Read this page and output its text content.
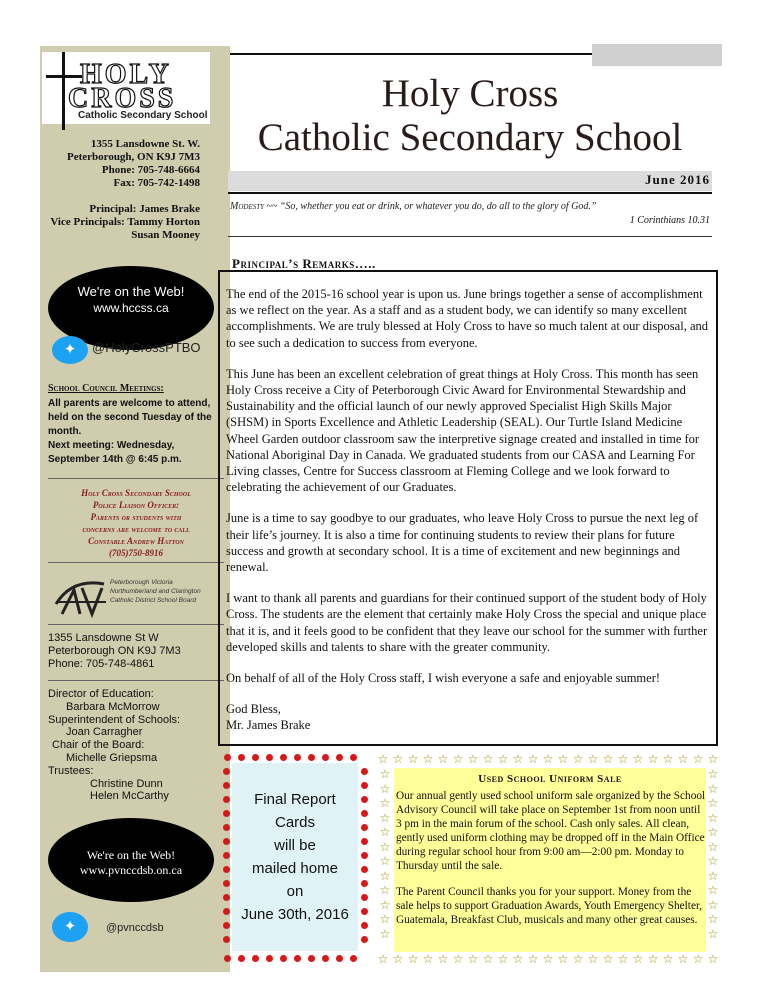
HOLY
CROSS
Catholic Secondary School
1355 Lansdowne St. W.
Peterborough, ON K9J 7M3
Phone: 705-748-6664
Fax: 705-742-1498
Principal: James Brake
Vice Principals: Tammy Horton
Susan Mooney
We're on the Web!
www.hccss.ca
✦	@HolyCrossPTBO
School Council Meetings:
All parents are welcome to attend, held on the second Tuesday of the month.
Next meeting: Wednesday, September 14th @ 6:45 p.m.
Holy Cross Secondary School
Police Liaison Officer:
Parents or students with
concerns are welcome to call
Constable Andrew Hatton
(705)750-8916
Peterborough Victoria
Northumberland and Clarington
Catholic District School Board
1355 Lansdowne St W
Peterborough ON K9J 7M3
Phone: 705-748-4861
Director of Education:
Barbara McMorrow
Superintendent of Schools:
Joan Carragher
Chair of the Board:
Michelle Griepsma
Trustees:
Christine Dunn
Helen McCarthy
We're on the Web!
www.pvnccdsb.on.ca
✦	@pvnccdsb
Holy Cross
Catholic Secondary School
June 2016
Modesty ~~ “So, whether you eat or drink, or whatever you do, do all to the glory of God.”
1 Corinthians 10.31
Principal’s Remarks…..

The end of the 2015-16 school year is upon us. June brings together a sense of accomplishment as we reflect on the year. As a staff and as a student body, we can identify so many excellent accomplishments. We are truly blessed at Holy Cross to have so much talent at our disposal, and to see such a dedication to success from everyone.

This June has been an excellent celebration of great things at Holy Cross. This month has seen Holy Cross receive a City of Peterborough Civic Award for Environmental Stewardship and Sustainability and the official launch of our newly approved Specialist High Skills Major (SHSM) in Sports Excellence and Athletic Leadership (SEAL). Our Turtle Island Medicine Wheel Garden outdoor classroom saw the interpretive signage created and installed in time for National Aboriginal Day in Canada. We graduated students from our CASA and Learning For Living classes, Centre for Success classroom at Fleming College and we look forward to celebrating the achievement of our Graduates.

June is a time to say goodbye to our graduates, who leave Holy Cross to pursue the next leg of their life’s journey. It is also a time for continuing students to review their plans for future success and growth at secondary school. It is a time of excitement and new beginnings and renewal.

I want to thank all parents and guardians for their continued support of the student body of Holy Cross. The students are the element that certainly make Holy Cross the special and unique place that it is, and it feels good to be confident that they leave our school for the summer with further developed skills and talents to share with the greater community.

On behalf of all of the Holy Cross staff, I wish everyone a safe and enjoyable summer!

God Bless,
Mr. James Brake
Final Report
Cards
will be
mailed home
on
June 30th, 2016
Used School Uniform Sale

Our annual gently used school uniform sale organized by the School Advisory Council will take place on September 1st from noon until 3 pm in the main forum of the school. Cash only sales. All clean, gently used uniform clothing may be dropped off in the Main Office during regular school hour from 9:00 am—2:00 pm. Monday to Thursday until the sale.

The Parent Council thanks you for your support. Money from the sale helps to support Graduation Awards, Youth Emergency Shelter, Guatemala, Breakfast Club, musicals and many other great causes.

☆
☆
☆
☆
☆
☆
☆
☆
☆
☆
☆
☆
☆
☆
☆
☆
☆
☆
☆
☆
☆
☆
☆
☆
☆
☆
☆
☆
☆
☆
☆
☆
☆
☆
☆
☆
☆
☆
☆
☆
☆
☆
☆
☆
☆
☆
☆	☆
☆	☆
☆	☆
☆	☆
☆	☆
☆	☆
☆	☆
☆	☆
☆	☆
☆	☆
☆	☆
☆	☆
